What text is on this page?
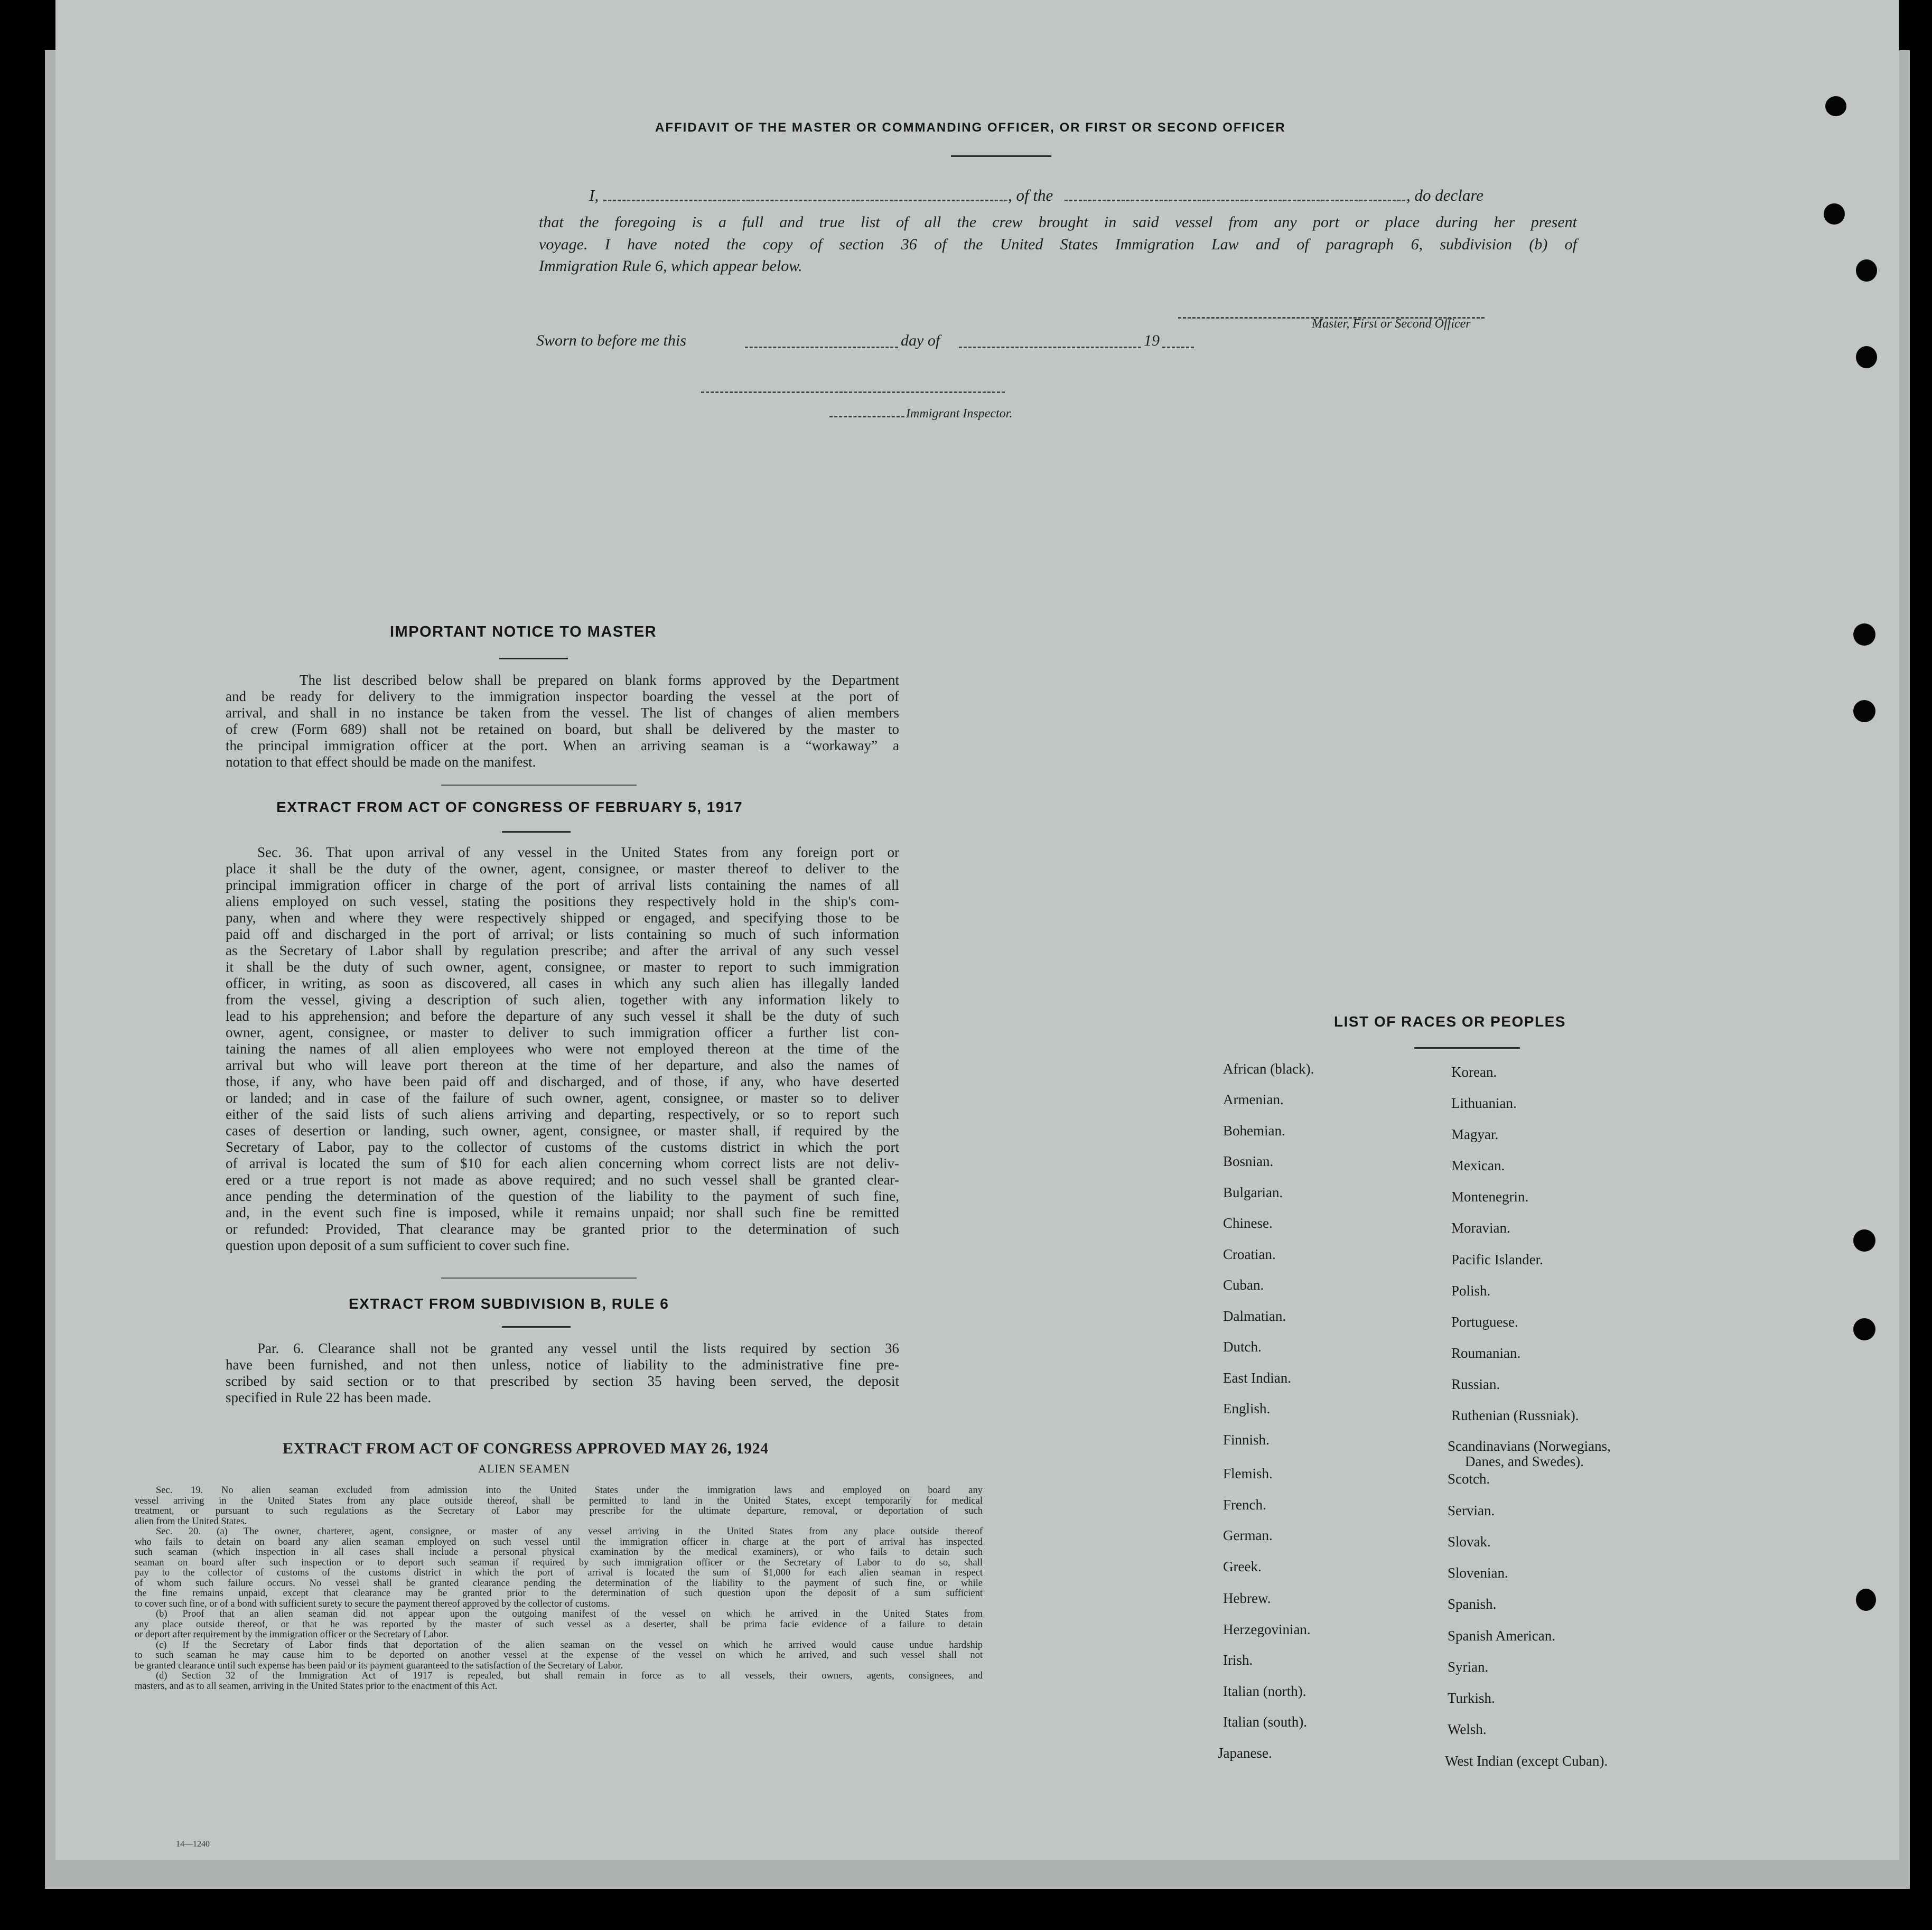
AFFIDAVIT OF THE MASTER OR COMMANDING OFFICER, OR FIRST OR SECOND OFFICER
I,	, of the	, do declare
that the foregoing is a full and true list of all the crew brought in said vessel from any port or place during her present
voyage. I have noted the copy of section 36 of the United States Immigration Law and of paragraph 6, subdivision (b) of
Immigration Rule 6, which appear below.
Master, First or Second Officer
Sworn to before me this	day of	19
Immigrant Inspector.
IMPORTANT NOTICE TO MASTER
The list described below shall be prepared on blank forms approved by the Department
and be ready for delivery to the immigration inspector boarding the vessel at the port of
arrival, and shall in no instance be taken from the vessel. The list of changes of alien members
of crew (Form 689) shall not be retained on board, but shall be delivered by the master to
the principal immigration officer at the port. When an arriving seaman is a “workaway” a
notation to that effect should be made on the manifest.
EXTRACT FROM ACT OF CONGRESS OF FEBRUARY 5, 1917

Sec. 36. That upon arrival of any vessel in the United States from any foreign port or

place it shall be the duty of the owner, agent, consignee, or master thereof to deliver to the

principal immigration officer in charge of the port of arrival lists containing the names of all

aliens employed on such vessel, stating the positions they respectively hold in the ship's com-

pany, when and where they were respectively shipped or engaged, and specifying those to be

paid off and discharged in the port of arrival; or lists containing so much of such information

as the Secretary of Labor shall by regulation prescribe; and after the arrival of any such vessel

it shall be the duty of such owner, agent, consignee, or master to report to such immigration

officer, in writing, as soon as discovered, all cases in which any such alien has illegally landed

from the vessel, giving a description of such alien, together with any information likely to

lead to his apprehension; and before the departure of any such vessel it shall be the duty of such

owner, agent, consignee, or master to deliver to such immigration officer a further list con-

taining the names of all alien employees who were not employed thereon at the time of the

arrival but who will leave port thereon at the time of her departure, and also the names of

those, if any, who have been paid off and discharged, and of those, if any, who have deserted

or landed; and in case of the failure of such owner, agent, consignee, or master so to deliver

either of the said lists of such aliens arriving and departing, respectively, or so to report such

cases of desertion or landing, such owner, agent, consignee, or master shall, if required by the

Secretary of Labor, pay to the collector of customs of the customs district in which the port

of arrival is located the sum of $10 for each alien concerning whom correct lists are not deliv-

ered or a true report is not made as above required; and no such vessel shall be granted clear-

ance pending the determination of the question of the liability to the payment of such fine,

and, in the event such fine is imposed, while it remains unpaid; nor shall such fine be remitted

or refunded: Provided, That clearance may be granted prior to the determination of such

question upon deposit of a sum sufficient to cover such fine.

EXTRACT FROM SUBDIVISION B, RULE 6

Par. 6. Clearance shall not be granted any vessel until the lists required by section 36

have been furnished, and not then unless, notice of liability to the administrative fine pre-

scribed by said section or to that prescribed by section 35 having been served, the deposit

specified in Rule 22 has been made.

EXTRACT FROM ACT OF CONGRESS APPROVED MAY 26, 1924
ALIEN SEAMEN

Sec. 19. No alien seaman excluded from admission into the United States under the immigration laws and employed on board any

vessel arriving in the United States from any place outside thereof, shall be permitted to land in the United States, except temporarily for medical

treatment, or pursuant to such regulations as the Secretary of Labor may prescribe for the ultimate departure, removal, or deportation of such

alien from the United States.

Sec. 20. (a) The owner, charterer, agent, consignee, or master of any vessel arriving in the United States from any place outside thereof

who fails to detain on board any alien seaman employed on such vessel until the immigration officer in charge at the port of arrival has inspected

such seaman (which inspection in all cases shall include a personal physical examination by the medical examiners), or who fails to detain such

seaman on board after such inspection or to deport such seaman if required by such immigration officer or the Secretary of Labor to do so, shall

pay to the collector of customs of the customs district in which the port of arrival is located the sum of $1,000 for each alien seaman in respect

of whom such failure occurs. No vessel shall be granted clearance pending the determination of the liability to the payment of such fine, or while

the fine remains unpaid, except that clearance may be granted prior to the determination of such question upon the deposit of a sum sufficient

to cover such fine, or of a bond with sufficient surety to secure the payment thereof approved by the collector of customs.

(b) Proof that an alien seaman did not appear upon the outgoing manifest of the vessel on which he arrived in the United States from

any place outside thereof, or that he was reported by the master of such vessel as a deserter, shall be prima facie evidence of a failure to detain

or deport after requirement by the immigration officer or the Secretary of Labor.

(c) If the Secretary of Labor finds that deportation of the alien seaman on the vessel on which he arrived would cause undue hardship

to such seaman he may cause him to be deported on another vessel at the expense of the vessel on which he arrived, and such vessel shall not

be granted clearance until such expense has been paid or its payment guaranteed to the satisfaction of the Secretary of Labor.

(d) Section 32 of the Immigration Act of 1917 is repealed, but shall remain in force as to all vessels, their owners, agents, consignees, and

masters, and as to all seamen, arriving in the United States prior to the enactment of this Act.

LIST OF RACES OR PEOPLES
African (black).
Armenian.
Bohemian.
Bosnian.
Bulgarian.
Chinese.
Croatian.
Cuban.
Dalmatian.
Dutch.
East Indian.
English.
Finnish.
Flemish.
French.
German.
Greek.
Hebrew.
Herzegovinian.
Irish.
Italian (north).
Italian (south).
Japanese.
Korean.
Lithuanian.
Magyar.
Mexican.
Montenegrin.
Moravian.
Pacific Islander.
Polish.
Portuguese.
Roumanian.
Russian.
Ruthenian (Russniak).
Scandinavians (Norwegians,
Danes, and Swedes).
Scotch.
Servian.
Slovak.
Slovenian.
Spanish.
Spanish American.
Syrian.
Turkish.
Welsh.
West Indian (except Cuban).
14—1240
